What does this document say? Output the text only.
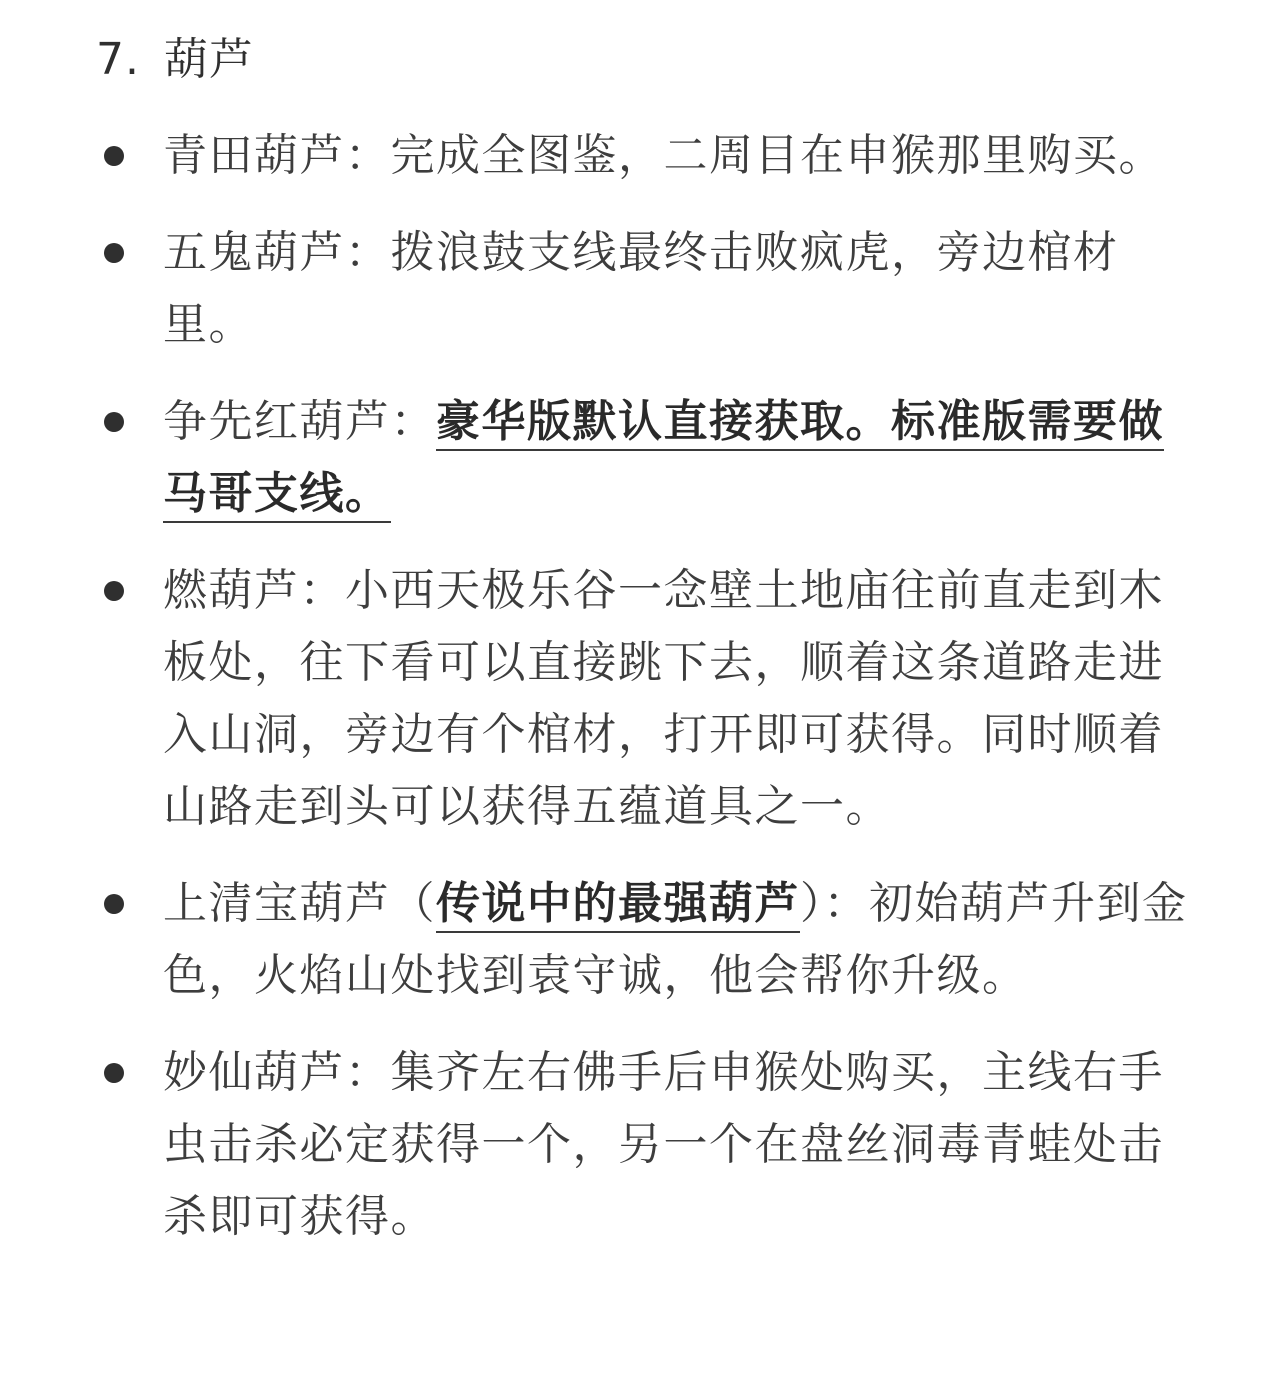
7. 葫芦
青田葫芦：完成全图鉴，二周目在申猴那里购买。
五鬼葫芦：拨浪鼓支线最终击败疯虎，旁边棺材里。
争先红葫芦：豪华版默认直接获取。标准版需要做马哥支线。
燃葫芦：小西天极乐谷一念壁土地庙往前直走到木板处，往下看可以直接跳下去，顺着这条道路走进入山洞，旁边有个棺材，打开即可获得。同时顺着山路走到头可以获得五蕴道具之一。
上清宝葫芦（传说中的最强葫芦）：初始葫芦升到金色，火焰山处找到袁守诚，他会帮你升级。
妙仙葫芦：集齐左右佛手后申猴处购买，主线右手虫击杀必定获得一个，另一个在盘丝洞毒青蛙处击杀即可获得。
